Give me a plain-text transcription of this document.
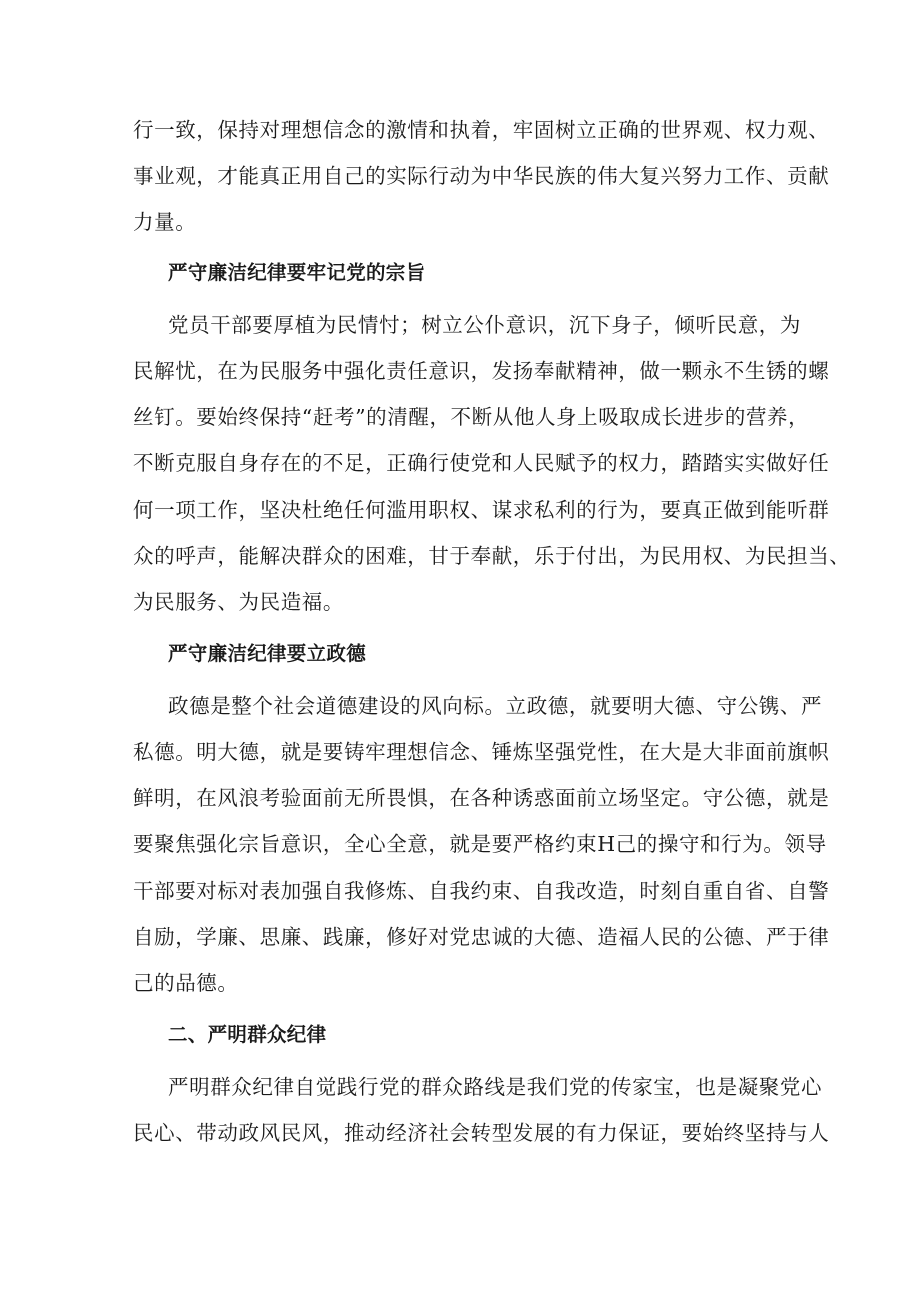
行一致，保持对理想信念的激情和执着，牢固树立正确的世界观、权力观、
事业观，才能真正用自己的实际行动为中华民族的伟大复兴努力工作、贡献
力量。
严守廉洁纪律要牢记党的宗旨
党员干部要厚植为民情忖；树立公仆意识，沉下身子，倾听民意，为
民解忧，在为民服务中强化责任意识，发扬奉献精神，做一颗永不生锈的螺
丝钉。要始终保持“赶考”的清醒，不断从他人身上吸取成长进步的营养，
不断克服自身存在的不足，正确行使党和人民赋予的权力，踏踏实实做好任
何一项工作，坚决杜绝任何滥用职权、谋求私利的行为，要真正做到能听群
众的呼声，能解决群众的困难，甘于奉献，乐于付出，为民用权、为民担当、
为民服务、为民造福。
严守廉洁纪律要立政德
政德是整个社会道德建设的风向标。立政德，就要明大德、守公镌、严
私德。明大德，就是要铸牢理想信念、锤炼坚强党性，在大是大非面前旗帜
鲜明，在风浪考验面前无所畏惧，在各种诱惑面前立场坚定。守公德，就是
要聚焦强化宗旨意识，全心全意，就是要严格约束H己的操守和行为。领导
干部要对标对表加强自我修炼、自我约束、自我改造，时刻自重自省、自警
自励，学廉、思廉、践廉，修好对党忠诚的大德、造福人民的公德、严于律
己的品德。
二、严明群众纪律
严明群众纪律自觉践行党的群众路线是我们党的传家宝，也是凝聚党心
民心、带动政风民风，推动经济社会转型发展的有力保证，要始终坚持与人
